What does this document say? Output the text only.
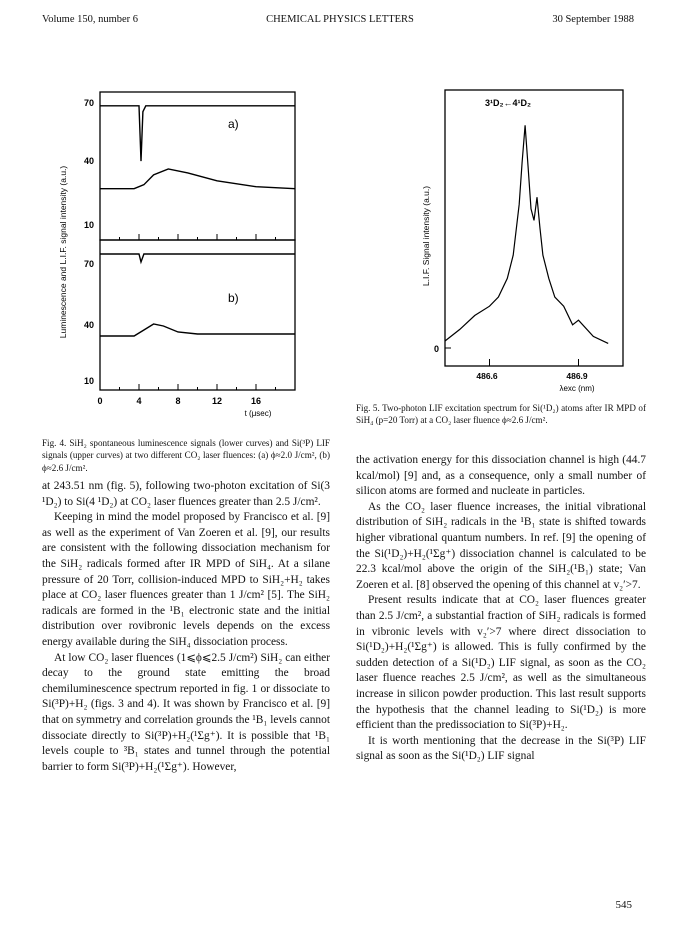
Volume 150, number 6	CHEMICAL PHYSICS LETTERS	30 September 1988
70
40
10
70
40
10
0	4	8	12	16
t (μsec)
a)
b)
Luminescence and L.I.F. signal intensity (a.u.)
Fig. 4. SiH₂ spontaneous luminescence signals (lower curves) and Si(³P) LIF signals (upper curves) at two different CO₂ laser fluences: (a) ϕ≈2.0 J/cm², (b) ϕ≈2.6 J/cm².
3¹D₂←4¹D₂
0
486.6	486.9
λexc (nm)
L.I.F. Signal intensity (a.u.)
Fig. 5. Two-photon LIF excitation spectrum for Si(¹D₂) atoms after IR MPD of SiH₄ (p=20 Torr) at a CO₂ laser fluence ϕ≈2.6 J/cm².

at 243.51 nm (fig. 5), following two-photon excitation of Si(3 ¹D₂) to Si(4 ¹D₂) at CO₂ laser fluences greater than 2.5 J/cm².

Keeping in mind the model proposed by Francisco et al. [9] as well as the experiment of Van Zoeren et al. [9], our results are consistent with the following dissociation mechanism for the SiH₂ radicals formed after IR MPD of SiH₄. At a silane pressure of 20 Torr, collision-induced MPD to SiH₂+H₂ takes place at CO₂ laser fluences greater than 1 J/cm² [5]. The SiH₂ radicals are formed in the ¹B₁ electronic state and the initial distribution over rovibronic levels depends on the excess energy available during the SiH₄ dissociation process.

At low CO₂ laser fluences (1⩽ϕ⩽2.5 J/cm²) SiH₂ can either decay to the ground state emitting the broad chemiluminescence spectrum reported in fig. 1 or dissociate to Si(³P)+H₂ (figs. 3 and 4). It was shown by Francisco et al. [9] that on symmetry and correlation grounds the ¹B₁ levels cannot dissociate directly to Si(³P)+H₂(¹Σg⁺). It is possible that ¹B₁ levels couple to ³B₁ states and tunnel through the potential barrier to form Si(³P)+H₂(¹Σg⁺). However,

the activation energy for this dissociation channel is high (44.7 kcal/mol) [9] and, as a consequence, only a small number of silicon atoms are formed and nucleate in particles.

As the CO₂ laser fluence increases, the initial vibrational distribution of SiH₂ radicals in the ¹B₁ state is shifted towards higher vibrational quantum numbers. In ref. [9] the opening of the Si(¹D₂)+H₂(¹Σg⁺) dissociation channel is calculated to be 22.3 kcal/mol above the origin of the SiH₂(¹B₁) state; Van Zoeren et al. [8] observed the opening of this channel at v₂′>7.

Present results indicate that at CO₂ laser fluences greater than 2.5 J/cm², a substantial fraction of SiH₂ radicals is formed in vibronic levels with v₂′>7 where direct dissociation to Si(¹D₂)+H₂(¹Σg⁺) is allowed. This is fully confirmed by the sudden detection of a Si(¹D₂) LIF signal, as soon as the CO₂ laser fluence reaches 2.5 J/cm², as well as the simultaneous increase in silicon powder production. This last result supports the hypothesis that the channel leading to Si(¹D₂) is more efficient than the predissociation to Si(³P)+H₂.

It is worth mentioning that the decrease in the Si(³P) LIF signal as soon as the Si(¹D₂) LIF signal

545
